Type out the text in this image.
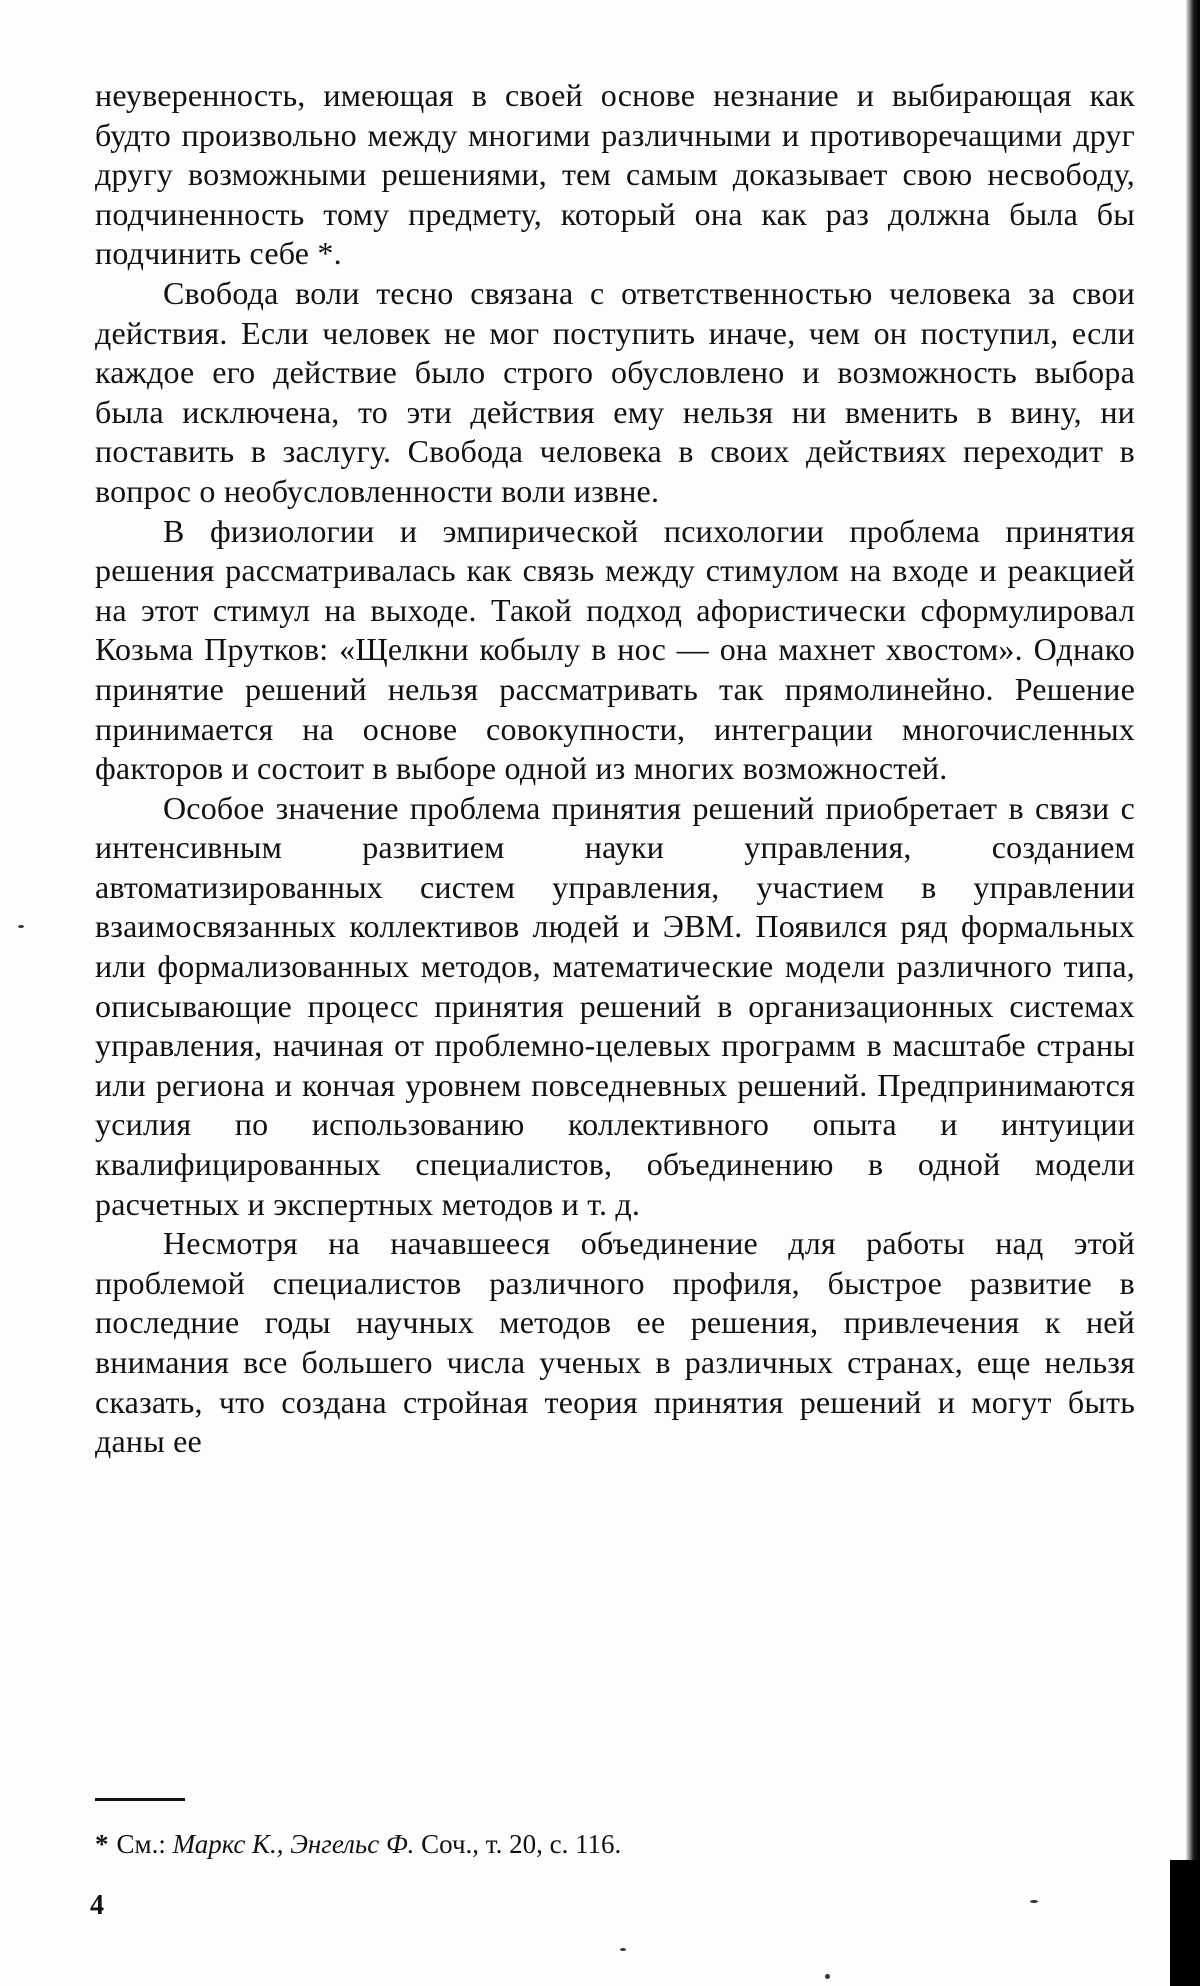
неуверенность, имеющая в своей основе незнание и выбирающая как будто произвольно между многими различными и противоречащими друг другу возможными решениями, тем самым доказывает свою несвободу, подчиненность тому предмету, который она как раз должна была бы подчинить себе *.

Свобода воли тесно связана с ответственностью человека за свои действия. Если человек не мог поступить иначе, чем он поступил, если каждое его действие было строго обусловлено и возможность выбора была исключена, то эти действия ему нельзя ни вменить в вину, ни поставить в заслугу. Свобода человека в своих действиях переходит в вопрос о необусловленности воли извне.

В физиологии и эмпирической психологии проблема принятия решения рассматривалась как связь между стимулом на входе и реакцией на этот стимул на выходе. Такой подход афористически сформулировал Козьма Прутков: «Щелкни кобылу в нос — она махнет хвостом». Однако принятие решений нельзя рассматривать так прямолинейно. Решение принимается на основе совокупности, интеграции многочисленных факторов и состоит в выборе одной из многих возможностей.

Особое значение проблема принятия решений приобретает в связи с интенсивным развитием науки управления, созданием автоматизированных систем управления, участием в управлении взаимосвязанных коллективов людей и ЭВМ. Появился ряд формальных или формализованных методов, математические модели различного типа, описывающие процесс принятия решений в организационных системах управления, начиная от проблемно-целевых программ в масштабе страны или региона и кончая уровнем повседневных решений. Предпринимаются усилия по использованию коллективного опыта и интуиции квалифицированных специалистов, объединению в одной модели расчетных и экспертных методов и т. д.

Несмотря на начавшееся объединение для работы над этой проблемой специалистов различного профиля, быстрое развитие в последние годы научных методов ее решения, привлечения к ней внимания все большего числа ученых в различных странах, еще нельзя сказать, что создана стройная теория принятия решений и могут быть даны ее

* См.: Маркс К., Энгельс Ф. Соч., т. 20, с. 116.
4
